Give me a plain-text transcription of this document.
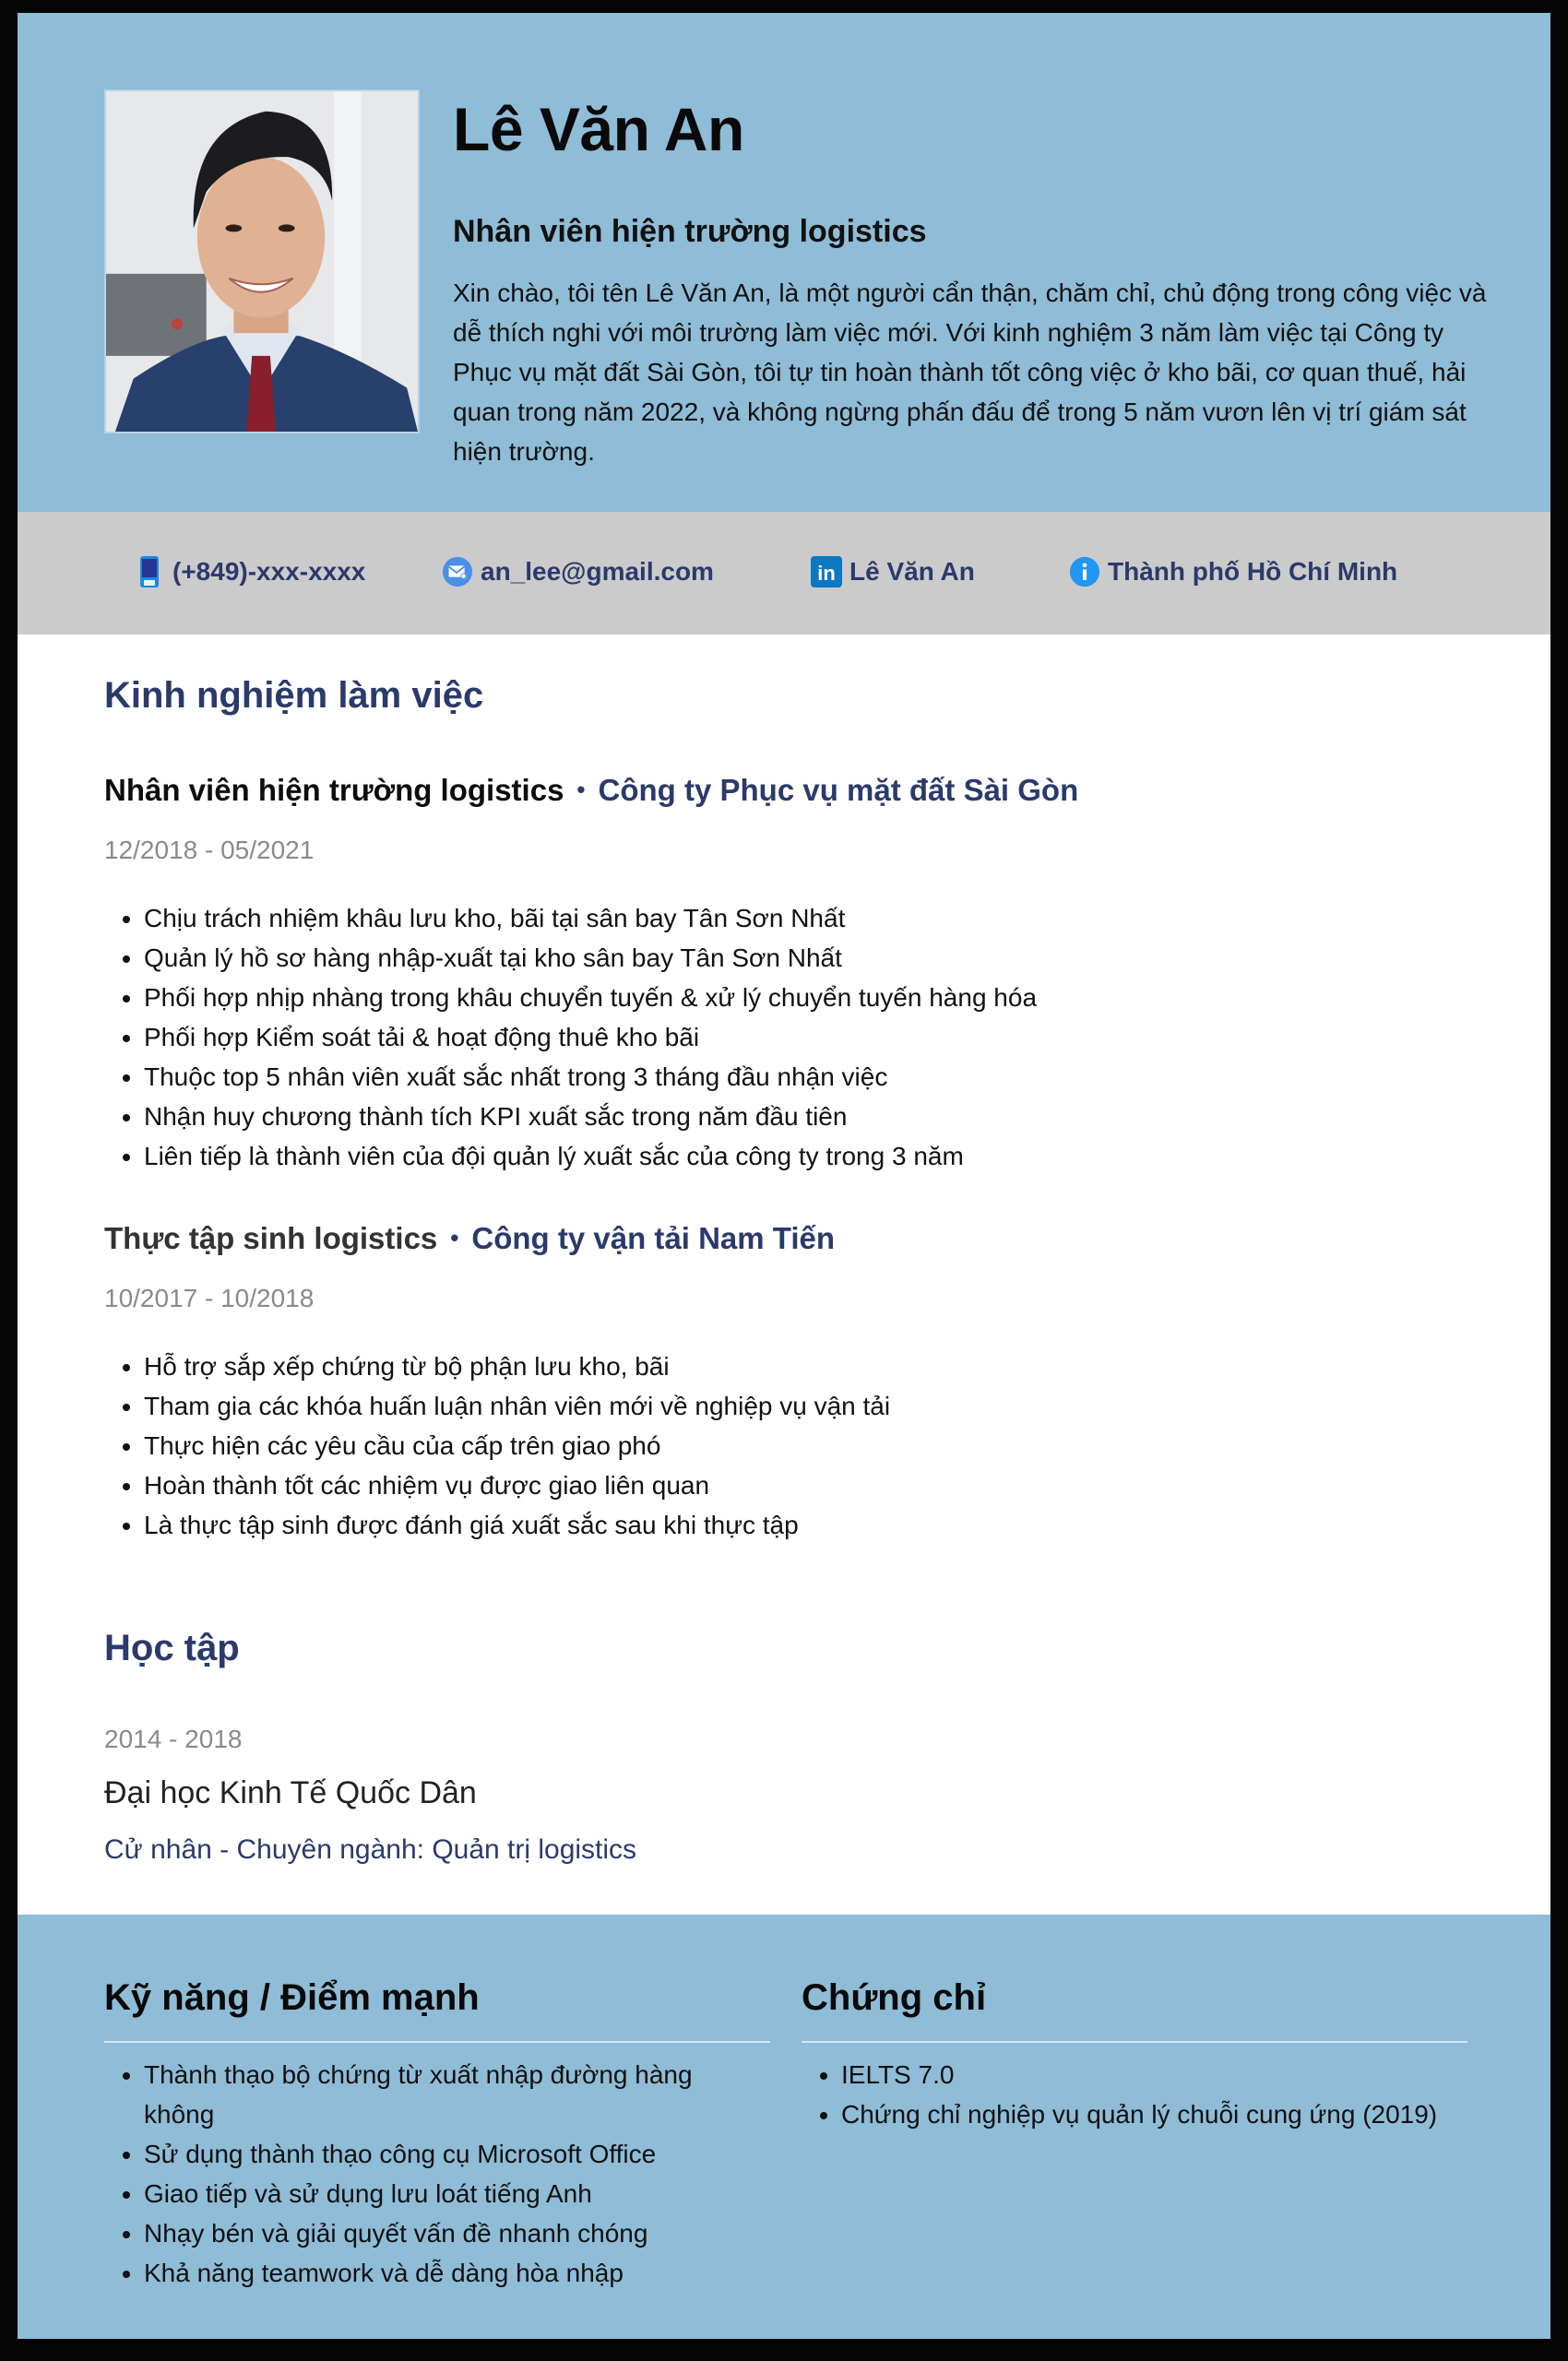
Lê Văn An
Nhân viên hiện trường logistics
Xin chào, tôi tên Lê Văn An, là một người cẩn thận, chăm chỉ, chủ động trong công việc và dễ thích nghi với môi trường làm việc mới. Với kinh nghiệm 3 năm làm việc tại Công ty Phục vụ mặt đất Sài Gòn, tôi tự tin hoàn thành tốt công việc ở kho bãi, cơ quan thuế, hải quan trong năm 2022, và không ngừng phấn đấu để trong 5 năm vươn lên vị trí giám sát hiện trường.
(+849)-xxx-xxxx	an_lee@gmail.com	in Lê Văn An	Thành phố Hồ Chí Minh
Kinh nghiệm làm việc
Nhân viên hiện trường logistics • Công ty Phục vụ mặt đất Sài Gòn
12/2018 - 05/2021
• Chịu trách nhiệm khâu lưu kho, bãi tại sân bay Tân Sơn Nhất
• Quản lý hồ sơ hàng nhập-xuất tại kho sân bay Tân Sơn Nhất
• Phối hợp nhịp nhàng trong khâu chuyển tuyến & xử lý chuyển tuyến hàng hóa
• Phối hợp Kiểm soát tải & hoạt động thuê kho bãi
• Thuộc top 5 nhân viên xuất sắc nhất trong 3 tháng đầu nhận việc
• Nhận huy chương thành tích KPI xuất sắc trong năm đầu tiên
• Liên tiếp là thành viên của đội quản lý xuất sắc của công ty trong 3 năm
Thực tập sinh logistics • Công ty vận tải Nam Tiến
10/2017 - 10/2018
• Hỗ trợ sắp xếp chứng từ bộ phận lưu kho, bãi
• Tham gia các khóa huấn luận nhân viên mới về nghiệp vụ vận tải
• Thực hiện các yêu cầu của cấp trên giao phó
• Hoàn thành tốt các nhiệm vụ được giao liên quan
• Là thực tập sinh được đánh giá xuất sắc sau khi thực tập
Học tập
2014 - 2018
Đại học Kinh Tế Quốc Dân
Cử nhân - Chuyên ngành: Quản trị logistics
Kỹ năng / Điểm mạnh
• Thành thạo bộ chứng từ xuất nhập đường hàng không
• Sử dụng thành thạo công cụ Microsoft Office
• Giao tiếp và sử dụng lưu loát tiếng Anh
• Nhạy bén và giải quyết vấn đề nhanh chóng
• Khả năng teamwork và dễ dàng hòa nhập
Chứng chỉ
• IELTS 7.0
• Chứng chỉ nghiệp vụ quản lý chuỗi cung ứng (2019)
